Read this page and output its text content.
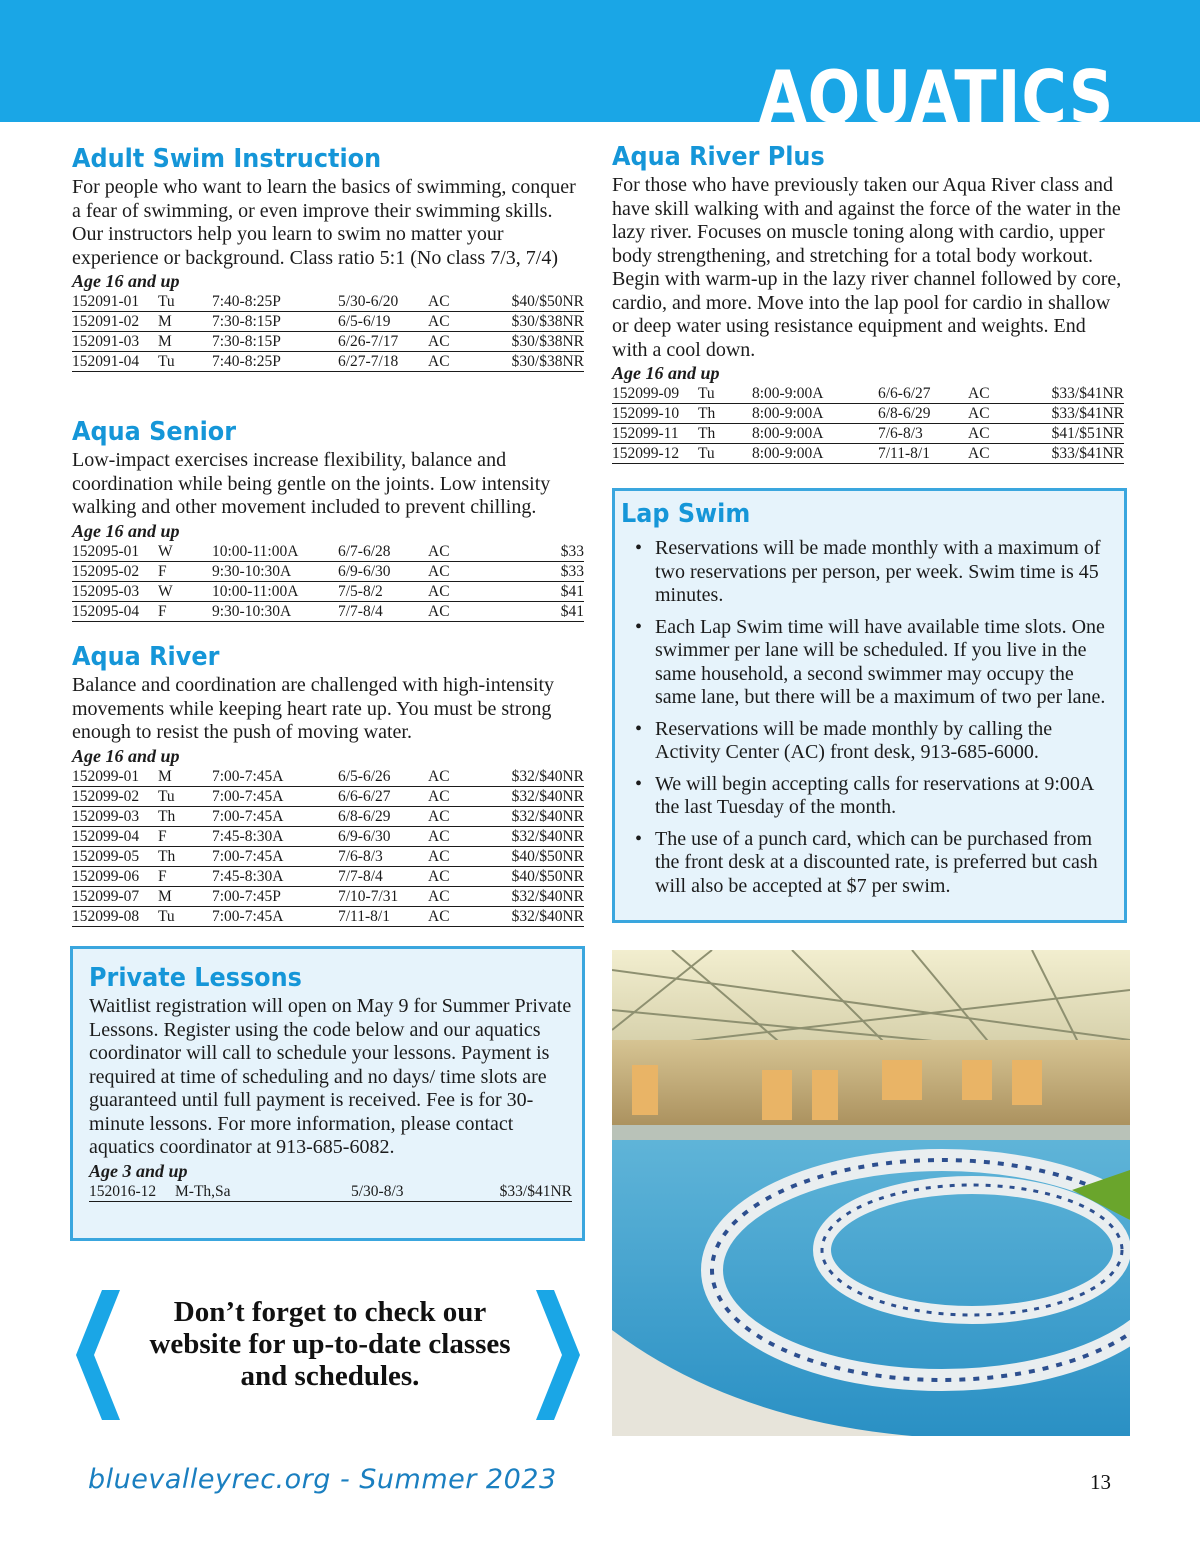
AQUATICS
Adult Swim Instruction

For people who want to learn the basics of swimming, conquer a fear of swimming, or even improve their swimming skills. Our instructors help you learn to swim no matter your experience or background. Class ratio 5:1 (No class 7/3, 7/4)

Age 16 and up

152091-01	Tu	7:40-8:25P	5/30-6/20	AC	$40/$50NR
152091-02	M	7:30-8:15P	6/5-6/19	AC	$30/$38NR
152091-03	M	7:30-8:15P	6/26-7/17	AC	$30/$38NR
152091-04	Tu	7:40-8:25P	6/27-7/18	AC	$30/$38NR
Aqua Senior

Low-impact exercises increase flexibility, balance and coordination while being gentle on the joints. Low intensity walking and other movement included to prevent chilling.

Age 16 and up

152095-01	W	10:00-11:00A	6/7-6/28	AC	$33
152095-02	F	9:30-10:30A	6/9-6/30	AC	$33
152095-03	W	10:00-11:00A	7/5-8/2	AC	$41
152095-04	F	9:30-10:30A	7/7-8/4	AC	$41
Aqua River

Balance and coordination are challenged with high-intensity movements while keeping heart rate up. You must be strong enough to resist the push of moving water.

Age 16 and up

152099-01	M	7:00-7:45A	6/5-6/26	AC	$32/$40NR
152099-02	Tu	7:00-7:45A	6/6-6/27	AC	$32/$40NR
152099-03	Th	7:00-7:45A	6/8-6/29	AC	$32/$40NR
152099-04	F	7:45-8:30A	6/9-6/30	AC	$32/$40NR
152099-05	Th	7:00-7:45A	7/6-8/3	AC	$40/$50NR
152099-06	F	7:45-8:30A	7/7-8/4	AC	$40/$50NR
152099-07	M	7:00-7:45P	7/10-7/31	AC	$32/$40NR
152099-08	Tu	7:00-7:45A	7/11-8/1	AC	$32/$40NR
Private Lessons

Waitlist registration will open on May 9 for Summer Private Lessons. Register using the code below and our aquatics coordinator will call to schedule your lessons. Payment is required at time of scheduling and no days/ time slots are guaranteed until full payment is received. Fee is for 30-minute lessons. For more information, please contact aquatics coordinator at 913-685-6082.

Age 3 and up

152016-12	M-Th,Sa	5/30-8/3	$33/$41NR
Don’t forget to check our website for up-to-date classes and schedules.
Aqua River Plus

For those who have previously taken our Aqua River class and have skill walking with and against the force of the water in the lazy river. Focuses on muscle toning along with cardio, upper body strengthening, and stretching for a total body workout. Begin with warm-up in the lazy river channel followed by core, cardio, and more. Move into the lap pool for cardio in shallow or deep water using resistance equipment and weights. End with a cool down.

Age 16 and up

152099-09	Tu	8:00-9:00A	6/6-6/27	AC	$33/$41NR
152099-10	Th	8:00-9:00A	6/8-6/29	AC	$33/$41NR
152099-11	Th	8:00-9:00A	7/6-8/3	AC	$41/$51NR
152099-12	Tu	8:00-9:00A	7/11-8/1	AC	$33/$41NR
Lap Swim
• Reservations will be made monthly with a maximum of two reservations per person, per week. Swim time is 45 minutes.
• Each Lap Swim time will have available time slots. One swimmer per lane will be scheduled. If you live in the same household, a second swimmer may occupy the same lane, but there will be a maximum of two per lane.
• Reservations will be made monthly by calling the Activity Center (AC) front desk, 913-685-6000.
• We will begin accepting calls for reservations at 9:00A the last Tuesday of the month.
• The use of a punch card, which can be purchased from the front desk at a discounted rate, is preferred but cash will also be accepted at $7 per swim.
bluevalleyrec.org - Summer 2023	13
